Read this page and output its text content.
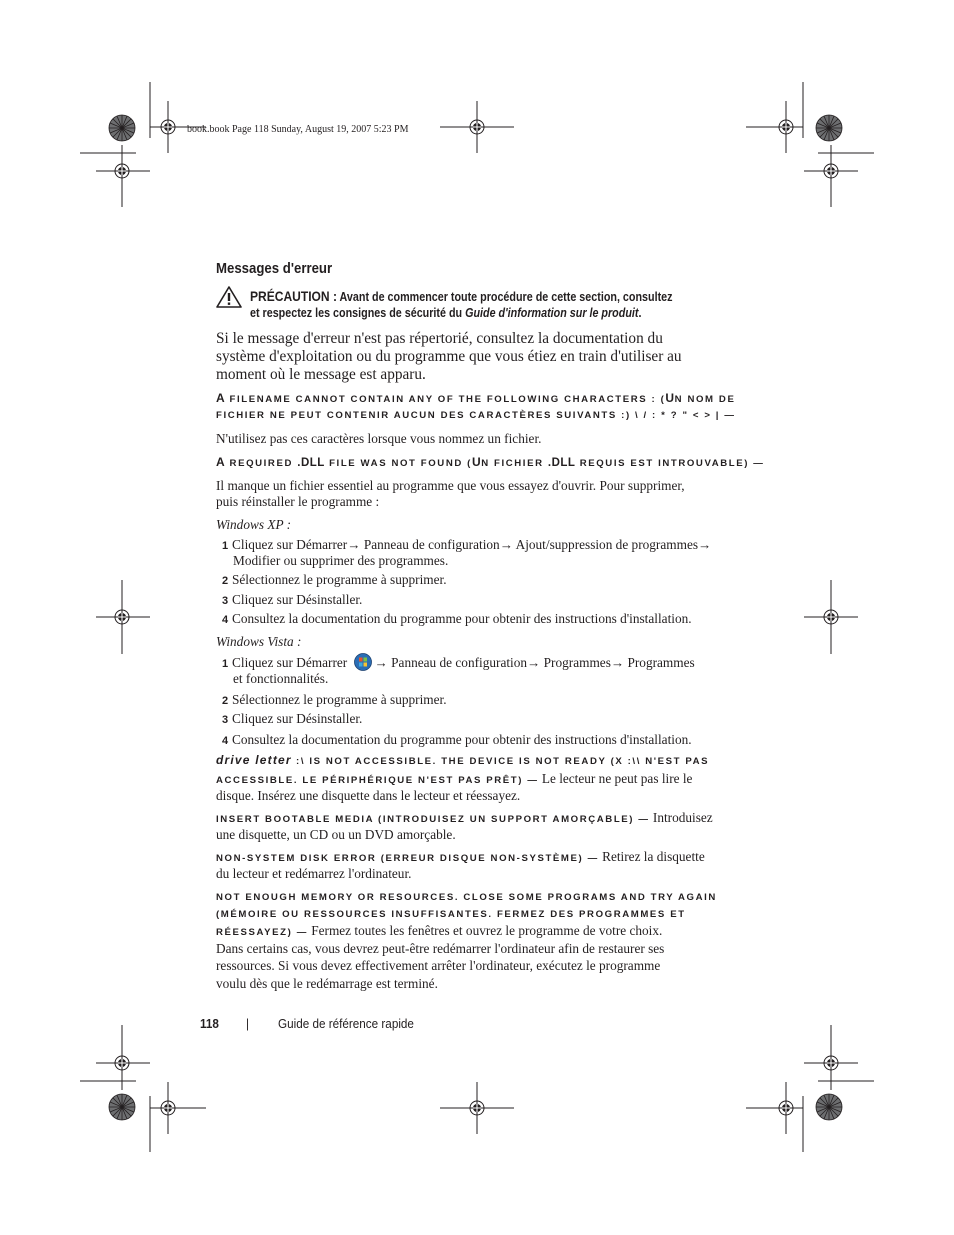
book.book Page 118 Sunday, August 19, 2007 5:23 PM
Messages d'erreur
PRÉCAUTION : Avant de commencer toute procédure de cette section, consultez
et respectez les consignes de sécurité du Guide d'information sur le produit.
Si le message d'erreur n'est pas répertorié, consultez la documentation du
système d'exploitation ou du programme que vous étiez en train d'utiliser au
moment où le message est apparu.
A FILENAME CANNOT CONTAIN ANY OF THE FOLLOWING CHARACTERS : (UN NOM DE
FICHIER NE PEUT CONTENIR AUCUN DES CARACTÈRES SUIVANTS :) \ / : * ? " < > | —
N'utilisez pas ces caractères lorsque vous nommez un fichier.
A REQUIRED .DLL FILE WAS NOT FOUND (UN FICHIER .DLL REQUIS EST INTROUVABLE) —
Il manque un fichier essentiel au programme que vous essayez d'ouvrir. Pour supprimer,
puis réinstaller le programme :
Windows XP :
1 Cliquez sur Démarrer→ Panneau de configuration→ Ajout/suppression de programmes→
Modifier ou supprimer des programmes.
2 Sélectionnez le programme à supprimer.
3 Cliquez sur Désinstaller.
4 Consultez la documentation du programme pour obtenir des instructions d'installation.
Windows Vista :
1 Cliquez sur Démarrer → Panneau de configuration→ Programmes→ Programmes
et fonctionnalités.
2 Sélectionnez le programme à supprimer.
3 Cliquez sur Désinstaller.
4 Consultez la documentation du programme pour obtenir des instructions d'installation.
drive letter :\ IS NOT ACCESSIBLE. THE DEVICE IS NOT READY (X :\\ N'EST PAS
ACCESSIBLE. LE PÉRIPHÉRIQUE N'EST PAS PRÊT) — Le lecteur ne peut pas lire le
disque. Insérez une disquette dans le lecteur et réessayez.
INSERT BOOTABLE MEDIA (INTRODUISEZ UN SUPPORT AMORÇABLE) — Introduisez
une disquette, un CD ou un DVD amorçable.
NON-SYSTEM DISK ERROR (ERREUR DISQUE NON-SYSTÈME) — Retirez la disquette
du lecteur et redémarrez l'ordinateur.
NOT ENOUGH MEMORY OR RESOURCES. CLOSE SOME PROGRAMS AND TRY AGAIN
(MÉMOIRE OU RESSOURCES INSUFFISANTES. FERMEZ DES PROGRAMMES ET
RÉESSAYEZ) — Fermez toutes les fenêtres et ouvrez le programme de votre choix.
Dans certains cas, vous devrez peut-être redémarrer l'ordinateur afin de restaurer ses
ressources. Si vous devez effectivement arrêter l'ordinateur, exécutez le programme
voulu dès que le redémarrage est terminé.
118 | Guide de référence rapide
